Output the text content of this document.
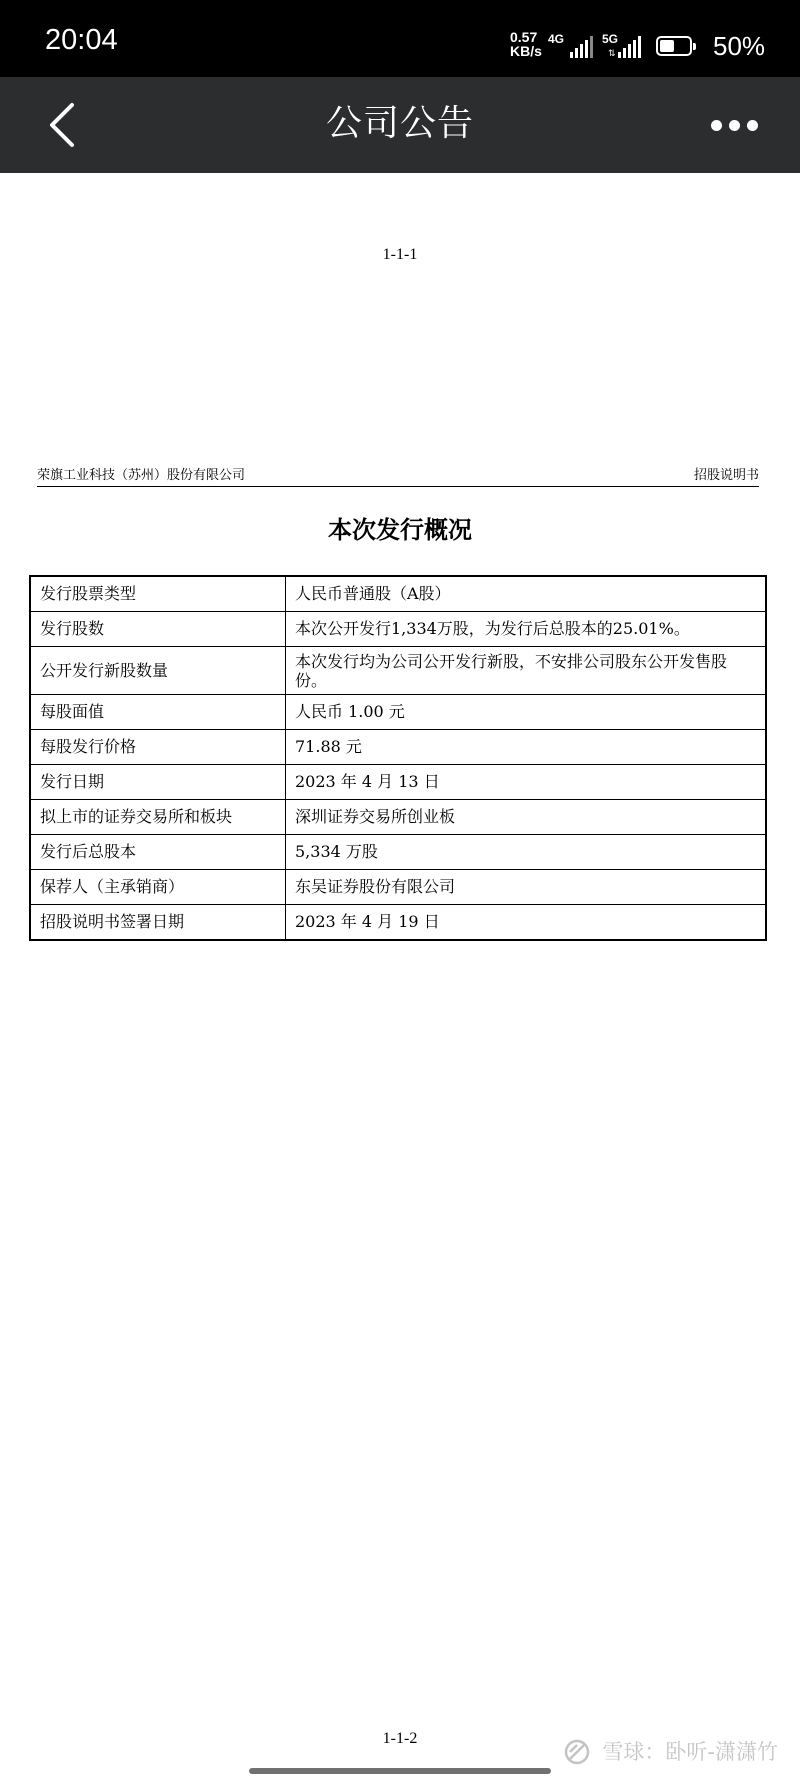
20:04	0.57
KB/s
4G	5G
⇅	50%
公司公告
1-1-1
荣旗工业科技（苏州）股份有限公司	招股说明书
本次发行概况
发行股票类型	人民币普通股（A股）
发行股数	本次公开发行1,334万股，为发行后总股本的25.01%。
公开发行新股数量	本次发行均为公司公开发行新股，不安排公司股东公开发售股份。
每股面值	人民币 1.00 元
每股发行价格	71.88 元
发行日期	2023 年 4 月 13 日
拟上市的证券交易所和板块	深圳证券交易所创业板
发行后总股本	5,334 万股
保荐人（主承销商）	东吴证券股份有限公司
招股说明书签署日期	2023 年 4 月 19 日
1-1-2
雪球：卧听-潇潇竹
